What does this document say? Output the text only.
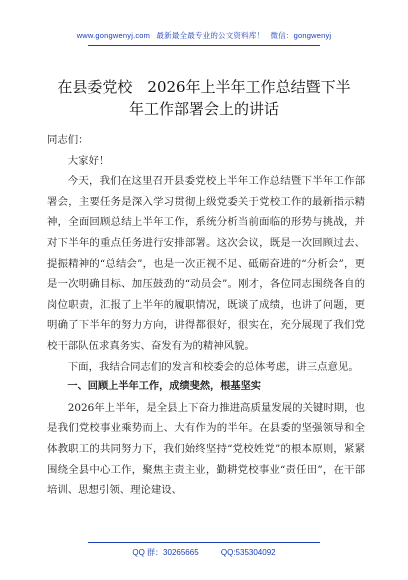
www.gongwenyj.com 最新最全最专业的公文资料库！ 微信：gongwenyj
在县委党校　2026年上半年工作总结暨下半
年工作部署会上的讲话

同志们：

大家好！

今天，我们在这里召开县委党校上半年工作总结暨下半年工作部署会，主要任务是深入学习贯彻上级党委关于党校工作的最新指示精神，全面回顾总结上半年工作，系统分析当前面临的形势与挑战，并对下半年的重点任务进行安排部署。这次会议，既是一次回顾过去、提振精神的“总结会”，也是一次正视不足、砥砺奋进的“分析会”，更是一次明确目标、加压鼓劲的“动员会”。刚才，各位同志围绕各自的岗位职责，汇报了上半年的履职情况，既谈了成绩，也讲了问题，更明确了下半年的努力方向，讲得都很好，很实在，充分展现了我们党校干部队伍求真务实、奋发有为的精神风貌。

下面，我结合同志们的发言和校委会的总体考虑，讲三点意见。

一、回顾上半年工作，成绩斐然，根基坚实

2026年上半年，是全县上下奋力推进高质量发展的关键时期，也是我们党校事业乘势而上、大有作为的半年。在县委的坚强领导和全体教职工的共同努力下，我们始终坚持“党校姓党”的根本原则，紧紧围绕全县中心工作，聚焦主责主业，勤耕党校事业“责任田”，在干部培训、思想引领、理论建设、

QQ 群：30265665	QQ:535304092
